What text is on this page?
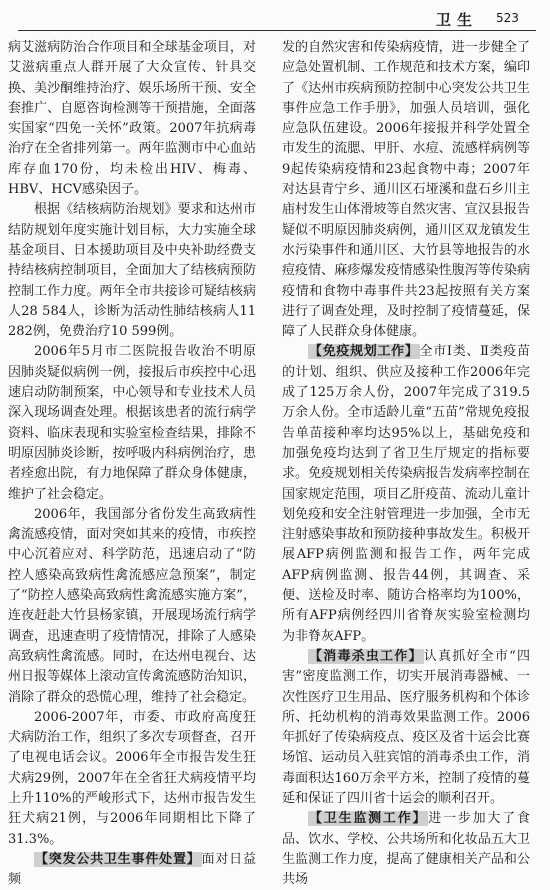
卫生 523

病艾滋病防治合作项目和全球基金项目，对艾滋病重点人群开展了大众宣传、针具交换、美沙酮维持治疗、娱乐场所干预、安全套推广、自愿咨询检测等干预措施，全面落实国家“四免一关怀”政策。2007年抗病毒治疗在全省排列第一。两年监测市中心血站库存血170份，均未检出HIV、梅毒、HBV、HCV感染因子。

根据《结核病防治规划》要求和达州市结防规划年度实施计划目标，大力实施全球基金项目、日本援助项目及中央补助经费支持结核病控制项目，全面加大了结核病预防控制工作力度。两年全市共接诊可疑结核病人28 584人，诊断为活动性肺结核病人11 282例，免费治疗10 599例。

2006年5月市二医院报告收治不明原因肺炎疑似病例一例，接报后市疾控中心迅速启动防制预案，中心领导和专业技术人员深入现场调查处理。根据该患者的流行病学资料、临床表现和实验室检查结果，排除不明原因肺炎诊断，按呼吸内科病例治疗，患者痊愈出院，有力地保障了群众身体健康，维护了社会稳定。

2006年，我国部分省份发生高致病性禽流感疫情，面对突如其来的疫情，市疾控中心沉着应对、科学防范，迅速启动了“防控人感染高致病性禽流感应急预案”，制定了“防控人感染高致病性禽流感实施方案”，连夜赶赴大竹县杨家镇，开展现场流行病学调查，迅速查明了疫情情况，排除了人感染高致病性禽流感。同时，在达州电视台、达州日报等媒体上滚动宣传禽流感防治知识，消除了群众的恐慌心理，维持了社会稳定。

2006-2007年，市委、市政府高度狂犬病防治工作，组织了多次专项督查，召开了电视电话会议。2006年全市报告发生狂犬病29例，2007年在全省狂犬病疫情平均上升110%的严峻形式下，达州市报告发生狂犬病21例，与2006年同期相比下降了31.3%。

【突发公共卫生事件处置】面对日益频

发的自然灾害和传染病疫情，进一步健全了应急处置机制、工作规范和技术方案，编印了《达州市疾病预防控制中心突发公共卫生事件应急工作手册》，加强人员培训，强化应急队伍建设。2006年接报并科学处置全市发生的流腮、甲肝、水痘、流感样病例等9起传染病疫情和23起食物中毒；2007年对达县青宁乡、通川区石垭溪和盘石乡川主庙村发生山体滑坡等自然灾害、宣汉县报告疑似不明原因肺炎病例，通川区双龙镇发生水污染事件和通川区、大竹县等地报告的水痘疫情、麻疹爆发疫情感染性腹泻等传染病疫情和食物中毒事件共23起按照有关方案进行了调查处理，及时控制了疫情蔓延，保障了人民群众身体健康。

【免疫规划工作】全市Ⅰ类、Ⅱ类疫苗的计划、组织、供应及接种工作2006年完成了125万余人份，2007年完成了319.5万余人份。全市适龄儿童“五苗”常规免疫报告单苗接种率均达95%以上，基础免疫和加强免疫均达到了省卫生厅规定的指标要求。免疫规划相关传染病报告发病率控制在国家规定范围，项目乙肝疫苗、流动儿童计划免疫和安全注射管理进一步加强，全市无注射感染事故和预防接种事故发生。积极开展AFP病例监测和报告工作，两年完成AFP病例监测、报告44例，其调查、采便、送检及时率、随访合格率均为100%，所有AFP病例经四川省脊灰实验室检测均为非脊灰AFP。

【消毒杀虫工作】认真抓好全市“四害”密度监测工作，切实开展消毒器械、一次性医疗卫生用品、医疗服务机构和个体诊所、托幼机构的消毒效果监测工作。2006年抓好了传染病疫点、疫区及省十运会比赛场馆、运动员入驻宾馆的消毒杀虫工作，消毒面积达160万余平方米，控制了疫情的蔓延和保证了四川省十运会的顺利召开。

【卫生监测工作】进一步加大了食品、饮水、学校、公共场所和化妆品五大卫生监测工作力度，提高了健康相关产品和公共场
